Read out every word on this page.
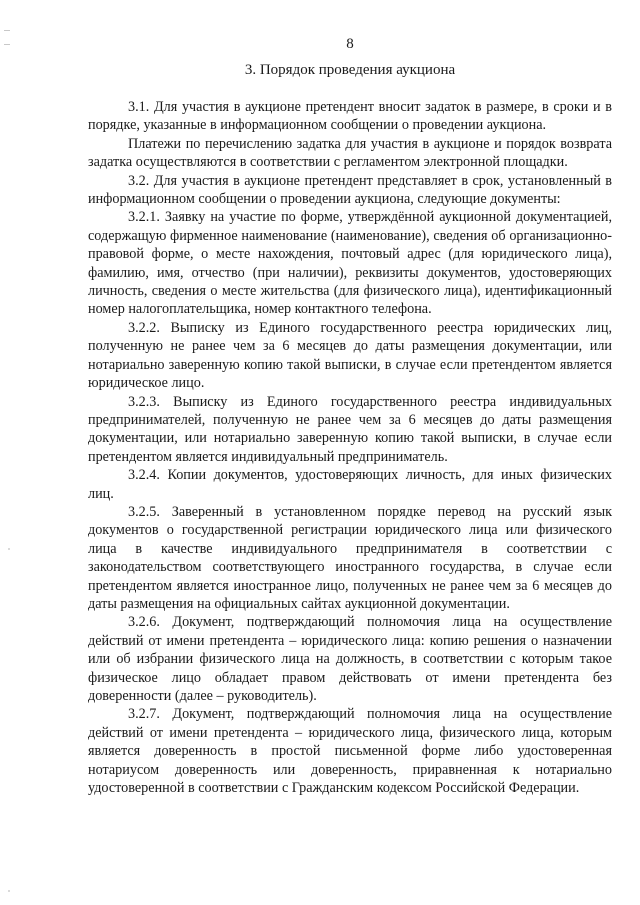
8
3. Порядок проведения аукциона

3.1. Для участия в аукционе претендент вносит задаток в размере, в сроки и в порядке, указанные в информационном сообщении о проведении аукциона.

Платежи по перечислению задатка для участия в аукционе и порядок возврата задатка осуществляются в соответствии с регламентом электронной площадки.

3.2. Для участия в аукционе претендент представляет в срок, установленный в информационном сообщении о проведении аукциона, следующие документы:

3.2.1. Заявку на участие по форме, утверждённой аукционной документацией, содержащую фирменное наименование (наименование), сведения об организационно-правовой форме, о месте нахождения, почтовый адрес (для юридического лица), фамилию, имя, отчество (при наличии), реквизиты документов, удостоверяющих личность, сведения о месте жительства (для физического лица), идентификационный номер налогоплательщика, номер контактного телефона.

3.2.2. Выписку из Единого государственного реестра юридических лиц, полученную не ранее чем за 6 месяцев до даты размещения документации, или нотариально заверенную копию такой выписки, в случае если претендентом является юридическое лицо.

3.2.3. Выписку из Единого государственного реестра индивидуальных предпринимателей, полученную не ранее чем за 6 месяцев до даты размещения документации, или нотариально заверенную копию такой выписки, в случае если претендентом является индивидуальный предприниматель.

3.2.4. Копии документов, удостоверяющих личность, для иных физических лиц.

3.2.5. Заверенный в установленном порядке перевод на русский язык документов о государственной регистрации юридического лица или физического лица в качестве индивидуального предпринимателя в соответствии с законодательством соответствующего иностранного государства, в случае если претендентом является иностранное лицо, полученных не ранее чем за 6 месяцев до даты размещения на официальных сайтах аукционной документации.

3.2.6. Документ, подтверждающий полномочия лица на осуществление действий от имени претендента – юридического лица: копию решения о назначении или об избрании физического лица на должность, в соответствии с которым такое физическое лицо обладает правом действовать от имени претендента без доверенности (далее – руководитель).

3.2.7. Документ, подтверждающий полномочия лица на осуществление действий от имени претендента – юридического лица, физического лица, которым является доверенность в простой письменной форме либо удостоверенная нотариусом доверенность или доверенность, приравненная к нотариально удостоверенной в соответствии с Гражданским кодексом Российской Федерации.
